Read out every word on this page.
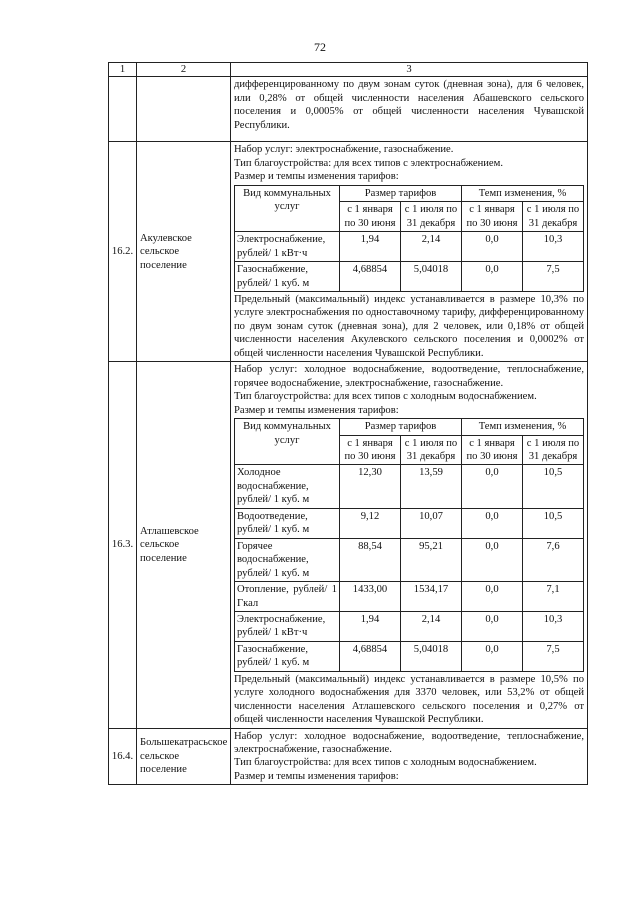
72
1	2	3
		дифференцированному по двум зонам суток (дневная зона), для 6 человек, или 0,28% от общей численности населения Абашевского сельского поселения и 0,0005% от общей численности населения Чувашской Республики.
16.2.	Акулевское сельское поселение	
Набор услуг: электроснабжение, газоснабжение.
Тип благоустройства: для всех типов с электроснабжением.
Размер и темпы изменения тарифов:
Вид коммунальных услуг	Размер тарифов	Темп изменения, %
с 1 января по 30 июня	с 1 июля по 31 декабря	с 1 января по 30 июня	с 1 июля по 31 декабря
Электроснабжение, рублей/ 1 кВт·ч	1,94	2,14	0,0	10,3
Газоснабжение, рублей/ 1 куб. м	4,68854	5,04018	0,0	7,5
Предельный (максимальный) индекс устанавливается в размере 10,3% по услуге электроснабжения по одноставочному тарифу, дифференцированному по двум зонам суток (дневная зона), для 2 человек, или 0,18% от общей численности населения Акулевского сельского поселения и 0,0002% от общей численности населения Чувашской Республики.

16.3.	Атлашевское сельское поселение	
Набор услуг: холодное водоснабжение, водоотведение, теплоснабжение, горячее водоснабжение, электроснабжение, газоснабжение.
Тип благоустройства: для всех типов с холодным водоснабжением.
Размер и темпы изменения тарифов:
Вид коммунальных услуг	Размер тарифов	Темп изменения, %
с 1 января по 30 июня	с 1 июля по 31 декабря	с 1 января по 30 июня	с 1 июля по 31 декабря
Холодное водоснабжение, рублей/ 1 куб. м	12,30	13,59	0,0	10,5
Водоотведение, рублей/ 1 куб. м	9,12	10,07	0,0	10,5
Горячее водоснабжение, рублей/ 1 куб. м	88,54	95,21	0,0	7,6
Отопление, рублей/ 1 Гкал	1433,00	1534,17	0,0	7,1
Электроснабжение, рублей/ 1 кВт·ч	1,94	2,14	0,0	10,3
Газоснабжение, рублей/ 1 куб. м	4,68854	5,04018	0,0	7,5
Предельный (максимальный) индекс устанавливается в размере 10,5% по услуге холодного водоснабжения для 3370 человек, или 53,2% от общей численности населения Атлашевского сельского поселения и 0,27% от общей численности населения Чувашской Республики.

16.4.	Большекатрасьское сельское поселение	
Набор услуг: холодное водоснабжение, водоотведение, теплоснабжение, электроснабжение, газоснабжение.
Тип благоустройства: для всех типов с холодным водоснабжением.
Размер и темпы изменения тарифов:
